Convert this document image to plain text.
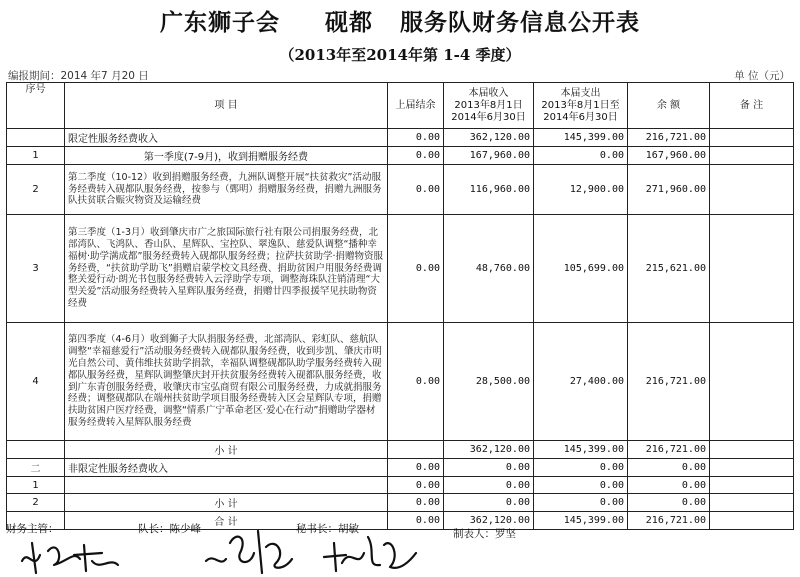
广东狮子会     砚都   服务队财务信息公开表
（2013年至2014年第 1-4 季度）
编报期间：2014 年7 月20 日	单 位（元）
序号	项 目	上届结余	本届收入
2013年8月1日
2014年6月30日	本届支出
2013年8月1日至
2014年6月30日	余 额	备 注
	限定性服务经费收入	0.00	362,120.00	145,399.00	216,721.00	
1	第一季度(7-9月)，收到捐赠服务经费	0.00	167,960.00	0.00	167,960.00	
2	第二季度（10-12）收到捐赠服务经费，九洲队调整开展“扶贫救灾”活动服务经费转入砚都队服务经费，按参与（鄄明）捐赠服务经费，捐赠九洲服务队扶贫联合赈灾物资及运输经费	0.00	116,960.00	12,900.00	271,960.00	
3	第三季度（1-3月）收到肇庆市广之旅国际旅行社有限公司捐服务经费，北部湾队、飞鸿队、香山队、星辉队、宝控队、翠逸队、慈爱队调整“播种幸福树·助学满成都”服务经费转入砚都队服务经费；拉萨扶贫助学·捐赠物资服务经费，“扶贫助学助飞”捐赠启蒙学校文具经费、捐助贫困户用服务经费调整关爱行动·朗光书包服务经费转入云浮助学专项，调整海珠队注销清理“大型关爱”活动服务经费转入星辉队服务经费，捐赠廿四季报援罕见扶助物资经费	0.00	48,760.00	105,699.00	215,621.00	
4	第四季度（4-6月）收到狮子大队捐服务经费，北部湾队、彩虹队、慈航队调整“幸福慈爱行”活动服务经费转入砚都队服务经费，收到步凯、肇庆市明光自然公司、黄伟维扶贫助学捐款，幸福队调整砚都队助学服务经费转入砚都队服务经费，星辉队调整肇庆封开扶贫服务经费转入砚都队服务经费，收到广东青创服务经费，收肇庆市宝弘商贸有限公司服务经费，力成就捐服务经费；调整砚都队在端州扶贫助学项目服务经费转入区会星辉队专项，捐赠扶助贫困户医疗经费，调整“情系广宁革命老区·爱心在行动”捐赠助学器材服务经费转入星辉队服务经费	0.00	28,500.00	27,400.00	216,721.00	
	小 计		362,120.00	145,399.00	216,721.00	
二	非限定性服务经费收入	0.00	0.00	0.00	0.00	
1		0.00	0.00	0.00	0.00	
2	小 计	0.00	0.00	0.00	0.00	
	合 计	0.00	362,120.00	145,399.00	216,721.00	
财务主管：	队长：陈少峰	秘书长：胡敏	制表人：罗坚
